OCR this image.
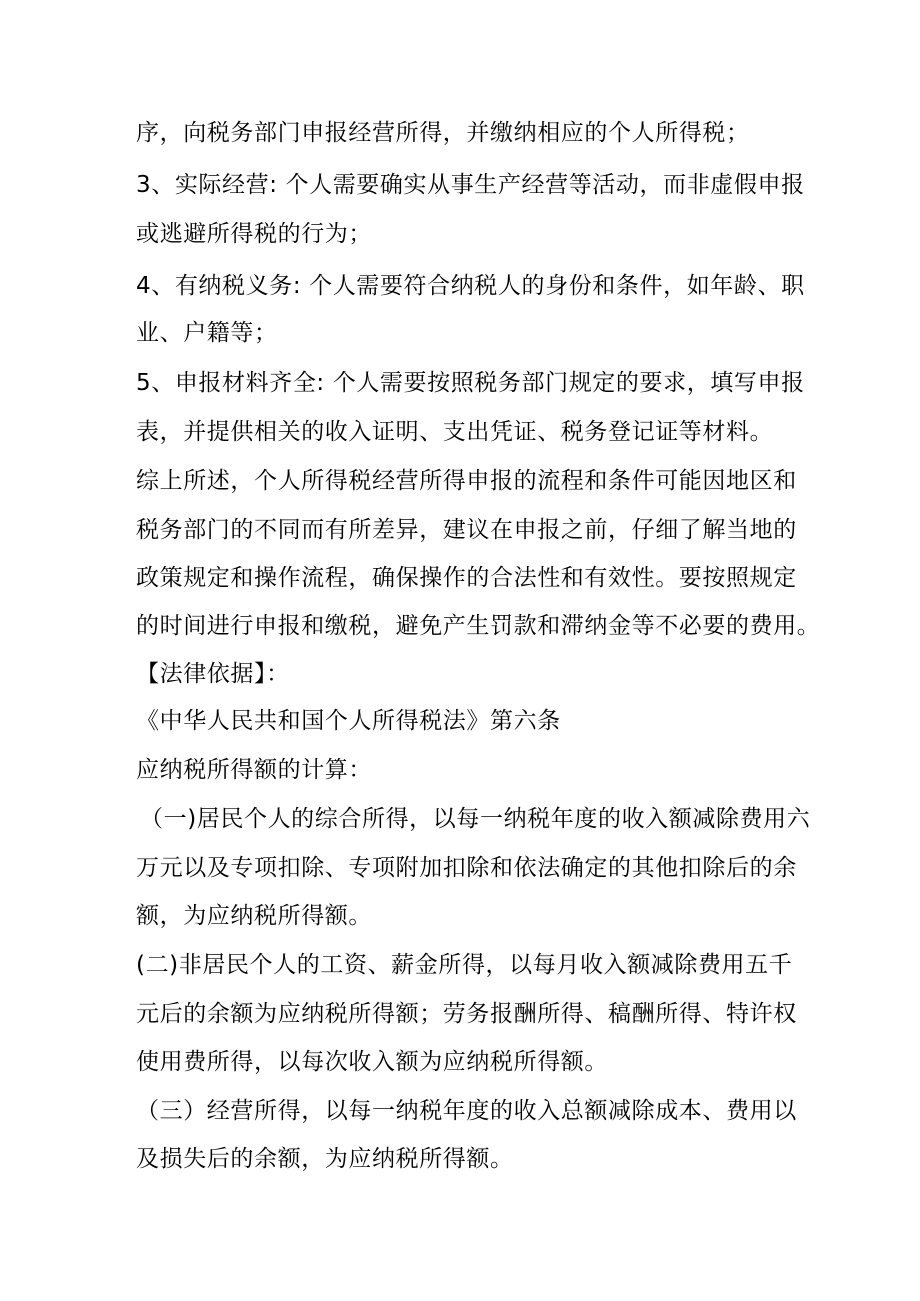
序，向税务部门申报经营所得，并缴纳相应的个人所得税；
3、实际经营: 个人需要确实从事生产经营等活动，而非虚假申报
或逃避所得税的行为；
4、有纳税义务: 个人需要符合纳税人的身份和条件，如年龄、职
业、户籍等；
5、申报材料齐全: 个人需要按照税务部门规定的要求，填写申报
表，并提供相关的收入证明、支出凭证、税务登记证等材料。
综上所述，个人所得税经营所得申报的流程和条件可能因地区和
税务部门的不同而有所差异，建议在申报之前，仔细了解当地的
政策规定和操作流程，确保操作的合法性和有效性。要按照规定
的时间进行申报和缴税，避免产生罚款和滞纳金等不必要的费用。
【法律依据】：
《中华人民共和国个人所得税法》第六条
应纳税所得额的计算：
（一)居民个人的综合所得，以每一纳税年度的收入额减除费用六
万元以及专项扣除、专项附加扣除和依法确定的其他扣除后的余
额，为应纳税所得额。
(二)非居民个人的工资、薪金所得，以每月收入额减除费用五千
元后的余额为应纳税所得额；劳务报酬所得、稿酬所得、特许权
使用费所得，以每次收入额为应纳税所得额。
（三）经营所得，以每一纳税年度的收入总额减除成本、费用以
及损失后的余额，为应纳税所得额。
